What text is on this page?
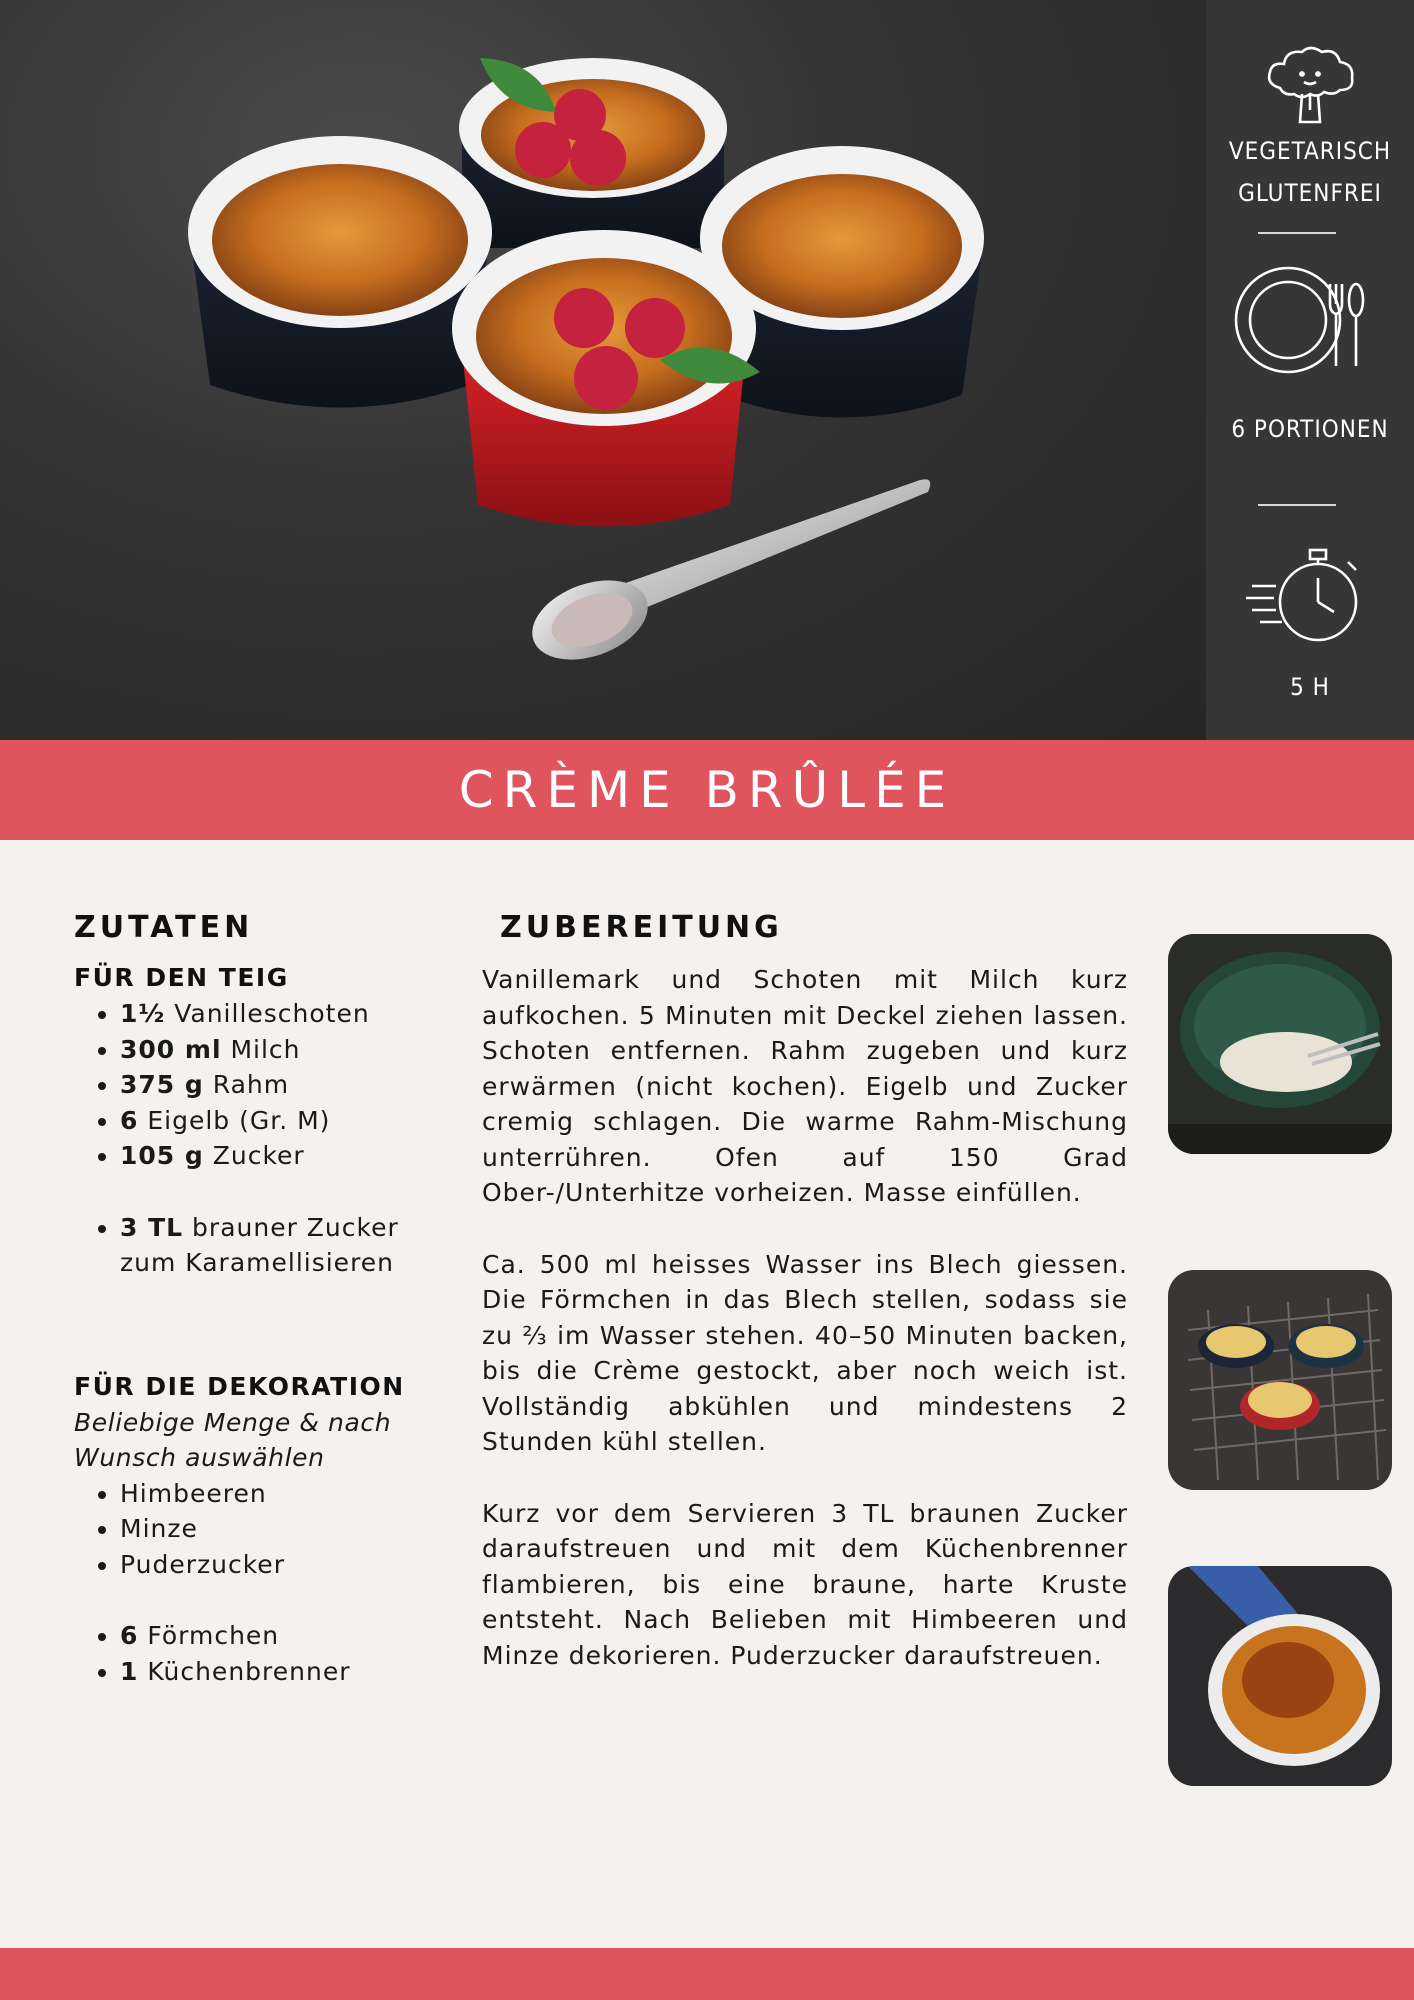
VEGETARISCH
GLUTENFREI
6 PORTIONEN
5 H
CRÈME BRÛLÉE
ZUTATEN
FÜR DEN TEIG
• 1½ Vanilleschoten
• 300 ml Milch
• 375 g Rahm
• 6 Eigelb (Gr. M)
• 105 g Zucker
• 3 TL brauner Zucker zum Karamellisieren
FÜR DIE DEKORATION
Beliebige Menge & nach Wunsch auswählen
• Himbeeren
• Minze
• Puderzucker
• 6 Förmchen
• 1 Küchenbrenner
ZUBEREITUNG

Vanillemark und Schoten mit Milch kurz aufkochen. 5 Minuten mit Deckel ziehen lassen. Schoten entfernen. Rahm zugeben und kurz erwärmen (nicht kochen). Eigelb und Zucker cremig schlagen. Die warme Rahm-Mischung unterrühren. Ofen auf 150 Grad Ober-/Unterhitze vorheizen. Masse einfüllen.

Ca. 500 ml heisses Wasser ins Blech giessen. Die Förmchen in das Blech stellen, sodass sie zu ⅔ im Wasser stehen. 40–50 Minuten backen, bis die Crème gestockt, aber noch weich ist. Vollständig abkühlen und mindestens 2 Stunden kühl stellen.

Kurz vor dem Servieren 3 TL braunen Zucker daraufstreuen und mit dem Küchenbrenner flambieren, bis eine braune, harte Kruste entsteht. Nach Belieben mit Himbeeren und Minze dekorieren. Puderzucker daraufstreuen.
